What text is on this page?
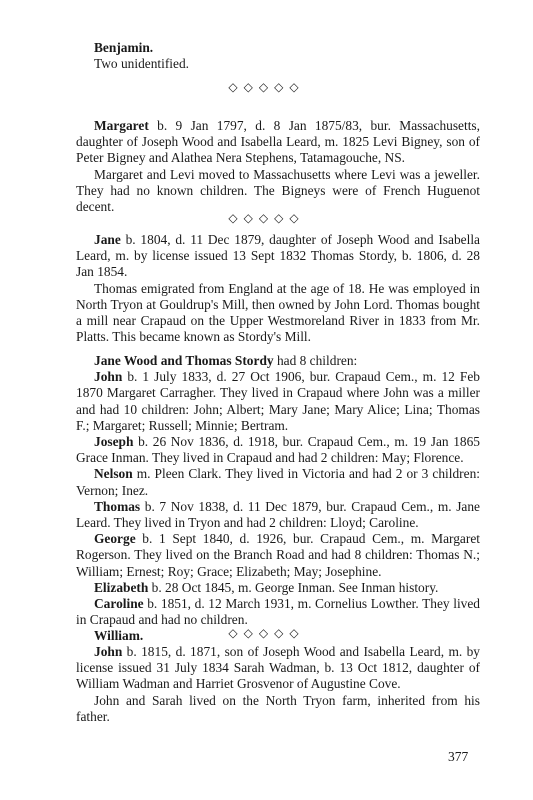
Benjamin.

Two unidentified.

◇◇◇◇◇

Margaret b. 9 Jan 1797, d. 8 Jan 1875/83, bur. Massachusetts, daughter of Joseph Wood and Isabella Leard, m. 1825 Levi Bigney, son of Peter Bigney and Alathea Nera Stephens, Tatamagouche, NS.

Margaret and Levi moved to Massachusetts where Levi was a jeweller. They had no known children. The Bigneys were of French Huguenot decent.

◇◇◇◇◇

Jane b. 1804, d. 11 Dec 1879, daughter of Joseph Wood and Isabella Leard, m. by license issued 13 Sept 1832 Thomas Stordy, b. 1806, d. 28 Jan 1854.

Thomas emigrated from England at the age of 18. He was employed in North Tryon at Gouldrup's Mill, then owned by John Lord. Thomas bought a mill near Crapaud on the Upper Westmoreland River in 1833 from Mr. Platts. This became known as Stordy's Mill.

Jane Wood and Thomas Stordy had 8 children:

John b. 1 July 1833, d. 27 Oct 1906, bur. Crapaud Cem., m. 12 Feb 1870 Margaret Carragher. They lived in Crapaud where John was a miller and had 10 children: John; Albert; Mary Jane; Mary Alice; Lina; Thomas F.; Margaret; Russell; Minnie; Bertram.

Joseph b. 26 Nov 1836, d. 1918, bur. Crapaud Cem., m. 19 Jan 1865 Grace Inman. They lived in Crapaud and had 2 children: May; Florence.

Nelson m. Pleen Clark. They lived in Victoria and had 2 or 3 children: Vernon; Inez.

Thomas b. 7 Nov 1838, d. 11 Dec 1879, bur. Crapaud Cem., m. Jane Leard. They lived in Tryon and had 2 children: Lloyd; Caroline.

George b. 1 Sept 1840, d. 1926, bur. Crapaud Cem., m. Margaret Rogerson. They lived on the Branch Road and had 8 children: Thomas N.; William; Ernest; Roy; Grace; Elizabeth; May; Josephine.

Elizabeth b. 28 Oct 1845, m. George Inman. See Inman history.

Caroline b. 1851, d. 12 March 1931, m. Cornelius Lowther. They lived in Crapaud and had no children.

William.	◇◇◇◇◇

John b. 1815, d. 1871, son of Joseph Wood and Isabella Leard, m. by license issued 31 July 1834 Sarah Wadman, b. 13 Oct 1812, daughter of William Wadman and Harriet Grosvenor of Augustine Cove.

John and Sarah lived on the North Tryon farm, inherited from his father.

377
